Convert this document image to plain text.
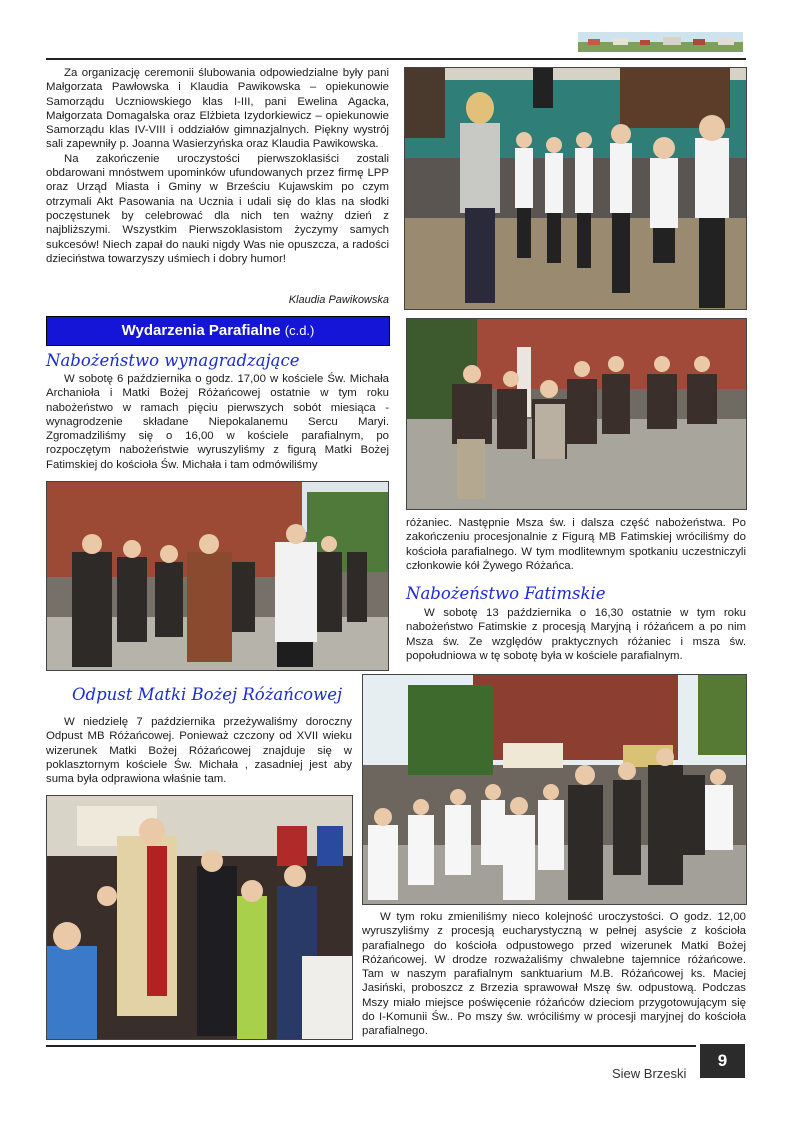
Za organizację ceremonii ślubowania odpowiedzialne były pani Małgorzata Pawłowska i Klaudia Pawikowska – opiekunowie Samorządu Uczniowskiego klas I-III, pani Ewelina Agacka, Małgorzata Domagalska oraz Elżbieta Izydorkiewicz – opiekunowie Samorządu klas IV-VIII i oddziałów gimnazjalnych. Piękny wystrój sali zapewniły p. Joanna Wasierzyńska oraz Klaudia Pawikowska.

Na zakończenie uroczystości pierwszoklasiści zostali obdarowani mnóstwem upominków ufundowanych przez firmę LPP oraz Urząd Miasta i Gminy w Brześciu Kujawskim po czym otrzymali Akt Pasowania na Ucznia i udali się do klas na słodki poczęstunek by celebrować dla nich ten ważny dzień z najbliższymi. Wszystkim Pierwszoklasistom życzymy samych sukcesów! Niech zapał do nauki nigdy Was nie opuszcza, a radości dzieciństwa towarzyszy uśmiech i dobry humor!

Klaudia Pawikowska
Wydarzenia Parafialne (c.d.)
Nabożeństwo wynagradzające

W sobotę 6 października o godz. 17,00 w kościele Św. Michała Archanioła i Matki Bożej Różańcowej ostatnie w tym roku nabożeństwo w ramach pięciu pierwszych sobót miesiąca - wynagrodzenie składane Niepokalanemu Sercu Maryi. Zgromadziliśmy się o 16,00 w kościele parafialnym, po rozpoczętym nabożeństwie wyruszyliśmy z figurą Matki Bożej Fatimskiej do kościoła Św. Michała i tam odmówiliśmy

różaniec. Następnie Msza św. i dalsza część nabożeństwa. Po zakończeniu procesjonalnie z Figurą MB Fatimskiej wróciliśmy do kościoła parafialnego. W tym modlitewnym spotkaniu uczestniczyli członkowie kół Żywego Różańca.

Nabożeństwo Fatimskie

W sobotę 13 października o 16,30 ostatnie w tym roku nabożeństwo Fatimskie z procesją Maryjną i różańcem a po nim Msza św. Ze względów praktycznych różaniec i msza św. popołudniowa w tę sobotę była w kościele parafialnym.

Odpust Matki Bożej Różańcowej

W niedzielę 7 października przeżywaliśmy doroczny Odpust MB Różańcowej. Ponieważ czczony od XVII wieku wizerunek Matki Bożej Różańcowej znajduje się w poklasztornym kościele Św. Michała , zasadniej jest aby suma była odprawiona właśnie tam.

W tym roku zmieniliśmy nieco kolejność uroczystości. O godz. 12,00 wyruszyliśmy z procesją eucharystyczną w pełnej asyście z kościoła parafialnego do kościoła odpustowego przed wizerunek Matki Bożej Różańcowej. W drodze rozważaliśmy chwalebne tajemnice różańcowe. Tam w naszym parafialnym sanktuarium M.B. Różańcowej ks. Maciej Jasiński, proboszcz z Brzezia sprawował Mszę św. odpustową. Podczas Mszy miało miejsce poświęcenie różańców dzieciom przygotowującym się do I-Komunii Św.. Po mszy św. wróciliśmy w procesji maryjnej do kościoła parafialnego.

Siew Brzeski
9
